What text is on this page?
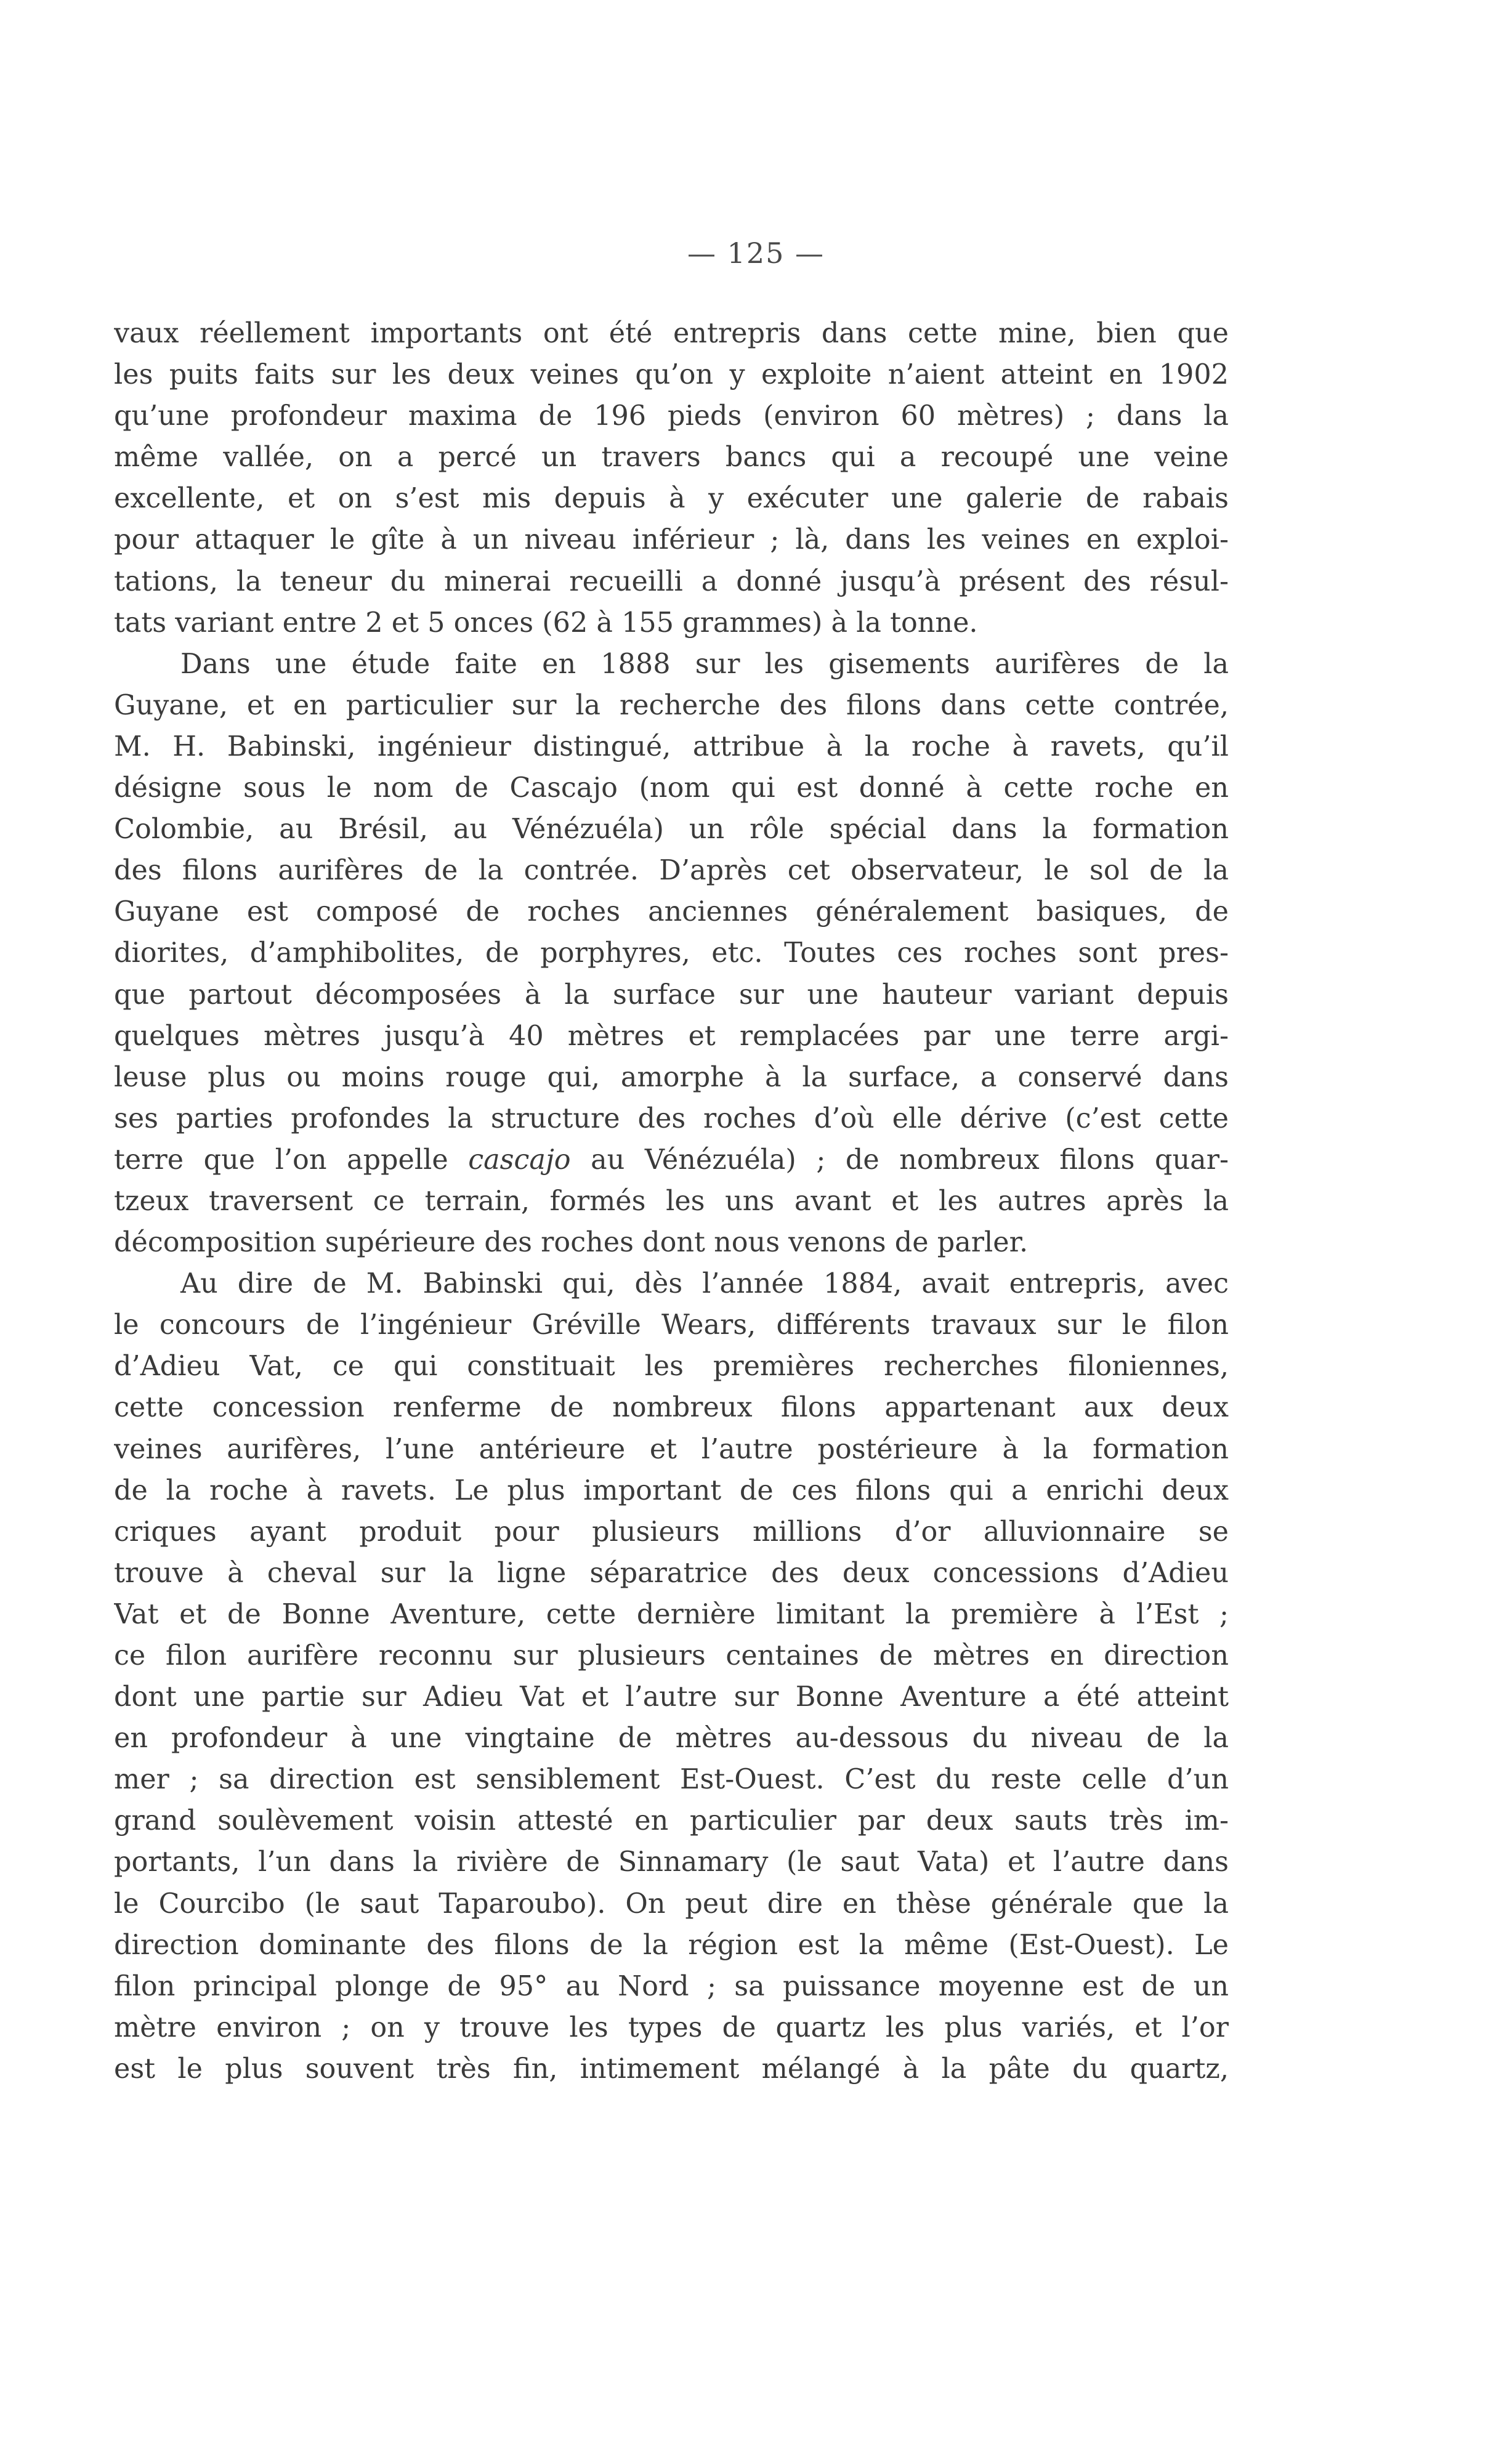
— 125 —
vaux réellement importants ont été entrepris dans cette mine, bien que
les puits faits sur les deux veines qu’on y exploite n’aient atteint en 1902
qu’une profondeur maxima de 196 pieds (environ 60 mètres) ; dans la
même vallée, on a percé un travers bancs qui a recoupé une veine
excellente, et on s’est mis depuis à y exécuter une galerie de rabais
pour attaquer le gîte à un niveau inférieur ; là, dans les veines en exploi-
tations, la teneur du minerai recueilli a donné jusqu’à présent des résul-
tats variant entre 2 et 5 onces (62 à 155 grammes) à la tonne.
Dans une étude faite en 1888 sur les gisements aurifères de la
Guyane, et en particulier sur la recherche des filons dans cette contrée,
M. H. Babinski, ingénieur distingué, attribue à la roche à ravets, qu’il
désigne sous le nom de Cascajo (nom qui est donné à cette roche en
Colombie, au Brésil, au Vénézuéla) un rôle spécial dans la formation
des filons aurifères de la contrée. D’après cet observateur, le sol de la
Guyane est composé de roches anciennes généralement basiques, de
diorites, d’amphibolites, de porphyres, etc. Toutes ces roches sont pres-
que partout décomposées à la surface sur une hauteur variant depuis
quelques mètres jusqu’à 40 mètres et remplacées par une terre argi-
leuse plus ou moins rouge qui, amorphe à la surface, a conservé dans
ses parties profondes la structure des roches d’où elle dérive (c’est cette
terre que l’on appelle cascajo au Vénézuéla) ; de nombreux filons quar-
tzeux traversent ce terrain, formés les uns avant et les autres après la
décomposition supérieure des roches dont nous venons de parler.
Au dire de M. Babinski qui, dès l’année 1884, avait entrepris, avec
le concours de l’ingénieur Gréville Wears, différents travaux sur le filon
d’Adieu Vat, ce qui constituait les premières recherches filoniennes,
cette concession renferme de nombreux filons appartenant aux deux
veines aurifères, l’une antérieure et l’autre postérieure à la formation
de la roche à ravets. Le plus important de ces filons qui a enrichi deux
criques ayant produit pour plusieurs millions d’or alluvionnaire se
trouve à cheval sur la ligne séparatrice des deux concessions d’Adieu
Vat et de Bonne Aventure, cette dernière limitant la première à l’Est ;
ce filon aurifère reconnu sur plusieurs centaines de mètres en direction
dont une partie sur Adieu Vat et l’autre sur Bonne Aventure a été atteint
en profondeur à une vingtaine de mètres au-dessous du niveau de la
mer ; sa direction est sensiblement Est-Ouest. C’est du reste celle d’un
grand soulèvement voisin attesté en particulier par deux sauts très im-
portants, l’un dans la rivière de Sinnamary (le saut Vata) et l’autre dans
le Courcibo (le saut Taparoubo). On peut dire en thèse générale que la
direction dominante des filons de la région est la même (Est-Ouest). Le
filon principal plonge de 95° au Nord ; sa puissance moyenne est de un
mètre environ ; on y trouve les types de quartz les plus variés, et l’or
est le plus souvent très fin, intimement mélangé à la pâte du quartz,
